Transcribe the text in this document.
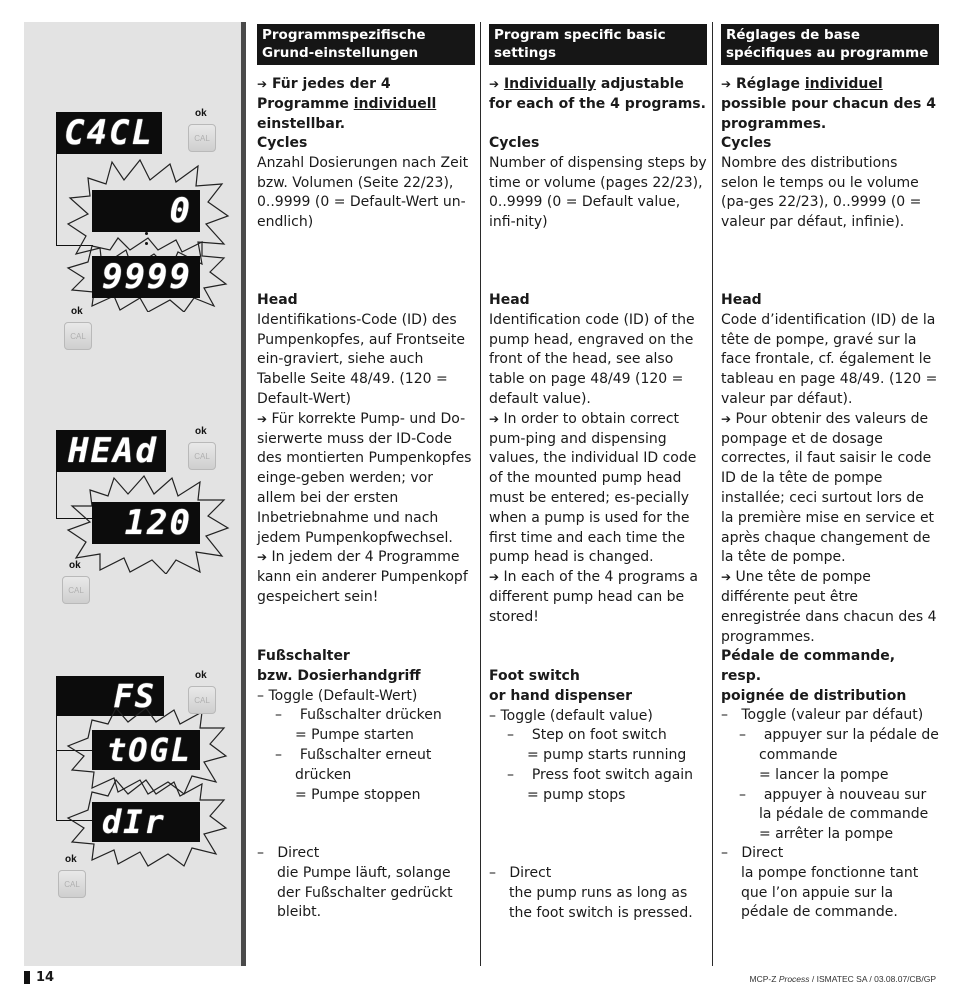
C4CL
0
9999
ok
CAL
ok
CAL
HEAd
120
ok
CAL
ok
CAL
FS
tOGL
dIr
ok
CAL
ok
CAL
Programmspezifische Grund-einstellungen

➔ Für jedes der 4 Programme individuell einstellbar.

Cycles

Anzahl Dosierungen nach Zeit bzw. Volumen (Seite 22/23), 0..9999 (0 = Default-Wert un-endlich)

Head

Identifikations-Code (ID) des Pumpenkopfes, auf Frontseite ein-graviert, siehe auch Tabelle Seite 48/49. (120 = Default-Wert)

➔ Für korrekte Pump- und Do-sierwerte muss der ID-Code des montierten Pumpenkopfes einge-geben werden; vor allem bei der ersten Inbetriebnahme und nach jedem Pumpenkopfwechsel.

➔ In jedem der 4 Programme kann ein anderer Pumpenkopf gespeichert sein!

Fußschalter

bzw. Dosierhandgriff

– Toggle (Default-Wert)

–    Fußschalter drücken

= Pumpe starten

–    Fußschalter erneut drücken

= Pumpe stoppen

–   Direct

die Pumpe läuft, solange der Fußschalter gedrückt bleibt.

Program specific basic settings

➔ Individually adjustable for each of the 4 programs.

Cycles

Number of dispensing steps by time or volume (pages 22/23), 0..9999 (0 = Default value, infi-nity)

Head

Identification code (ID) of the pump head, engraved on the front of the head, see also table on page 48/49 (120 = default value).

➔ In order to obtain correct pum-ping and dispensing values, the individual ID code of the mounted pump head must be entered; es-pecially when a pump is used for the first time and each time the pump head is changed.

➔ In each of the 4 programs a different pump head can be stored!

Foot switch

or hand dispenser

– Toggle (default value)

–    Step on foot switch

= pump starts running

–    Press foot switch again

= pump stops

–   Direct

the pump runs as long as the foot switch is pressed.

Réglages de base spécifiques au programme

➔ Réglage individuel possible pour chacun des 4 programmes.

Cycles

Nombre des distributions selon le temps ou le volume (pa-ges 22/23), 0..9999 (0 = valeur par défaut, infinie).

Head

Code d’identification (ID) de la tête de pompe, gravé sur la face frontale, cf. également le tableau en page 48/49. (120 = valeur par défaut).

➔ Pour obtenir des valeurs de pompage et de dosage correctes, il faut saisir le code ID de la tête de pompe installée; ceci surtout lors de la première mise en service et après chaque changement de la tête de pompe.

➔ Une tête de pompe différente peut être enregistrée dans chacun des 4 programmes.

Pédale de commande, resp.

poignée de distribution

–   Toggle (valeur par défaut)

–    appuyer sur la pédale de commande

= lancer la pompe

–    appuyer à nouveau sur la pédale de commande

= arrêter la pompe

–   Direct

la pompe fonctionne tant que l’on appuie sur la pédale de commande.

14	MCP-Z Process / ISMATEC SA / 03.08.07/CB/GP
